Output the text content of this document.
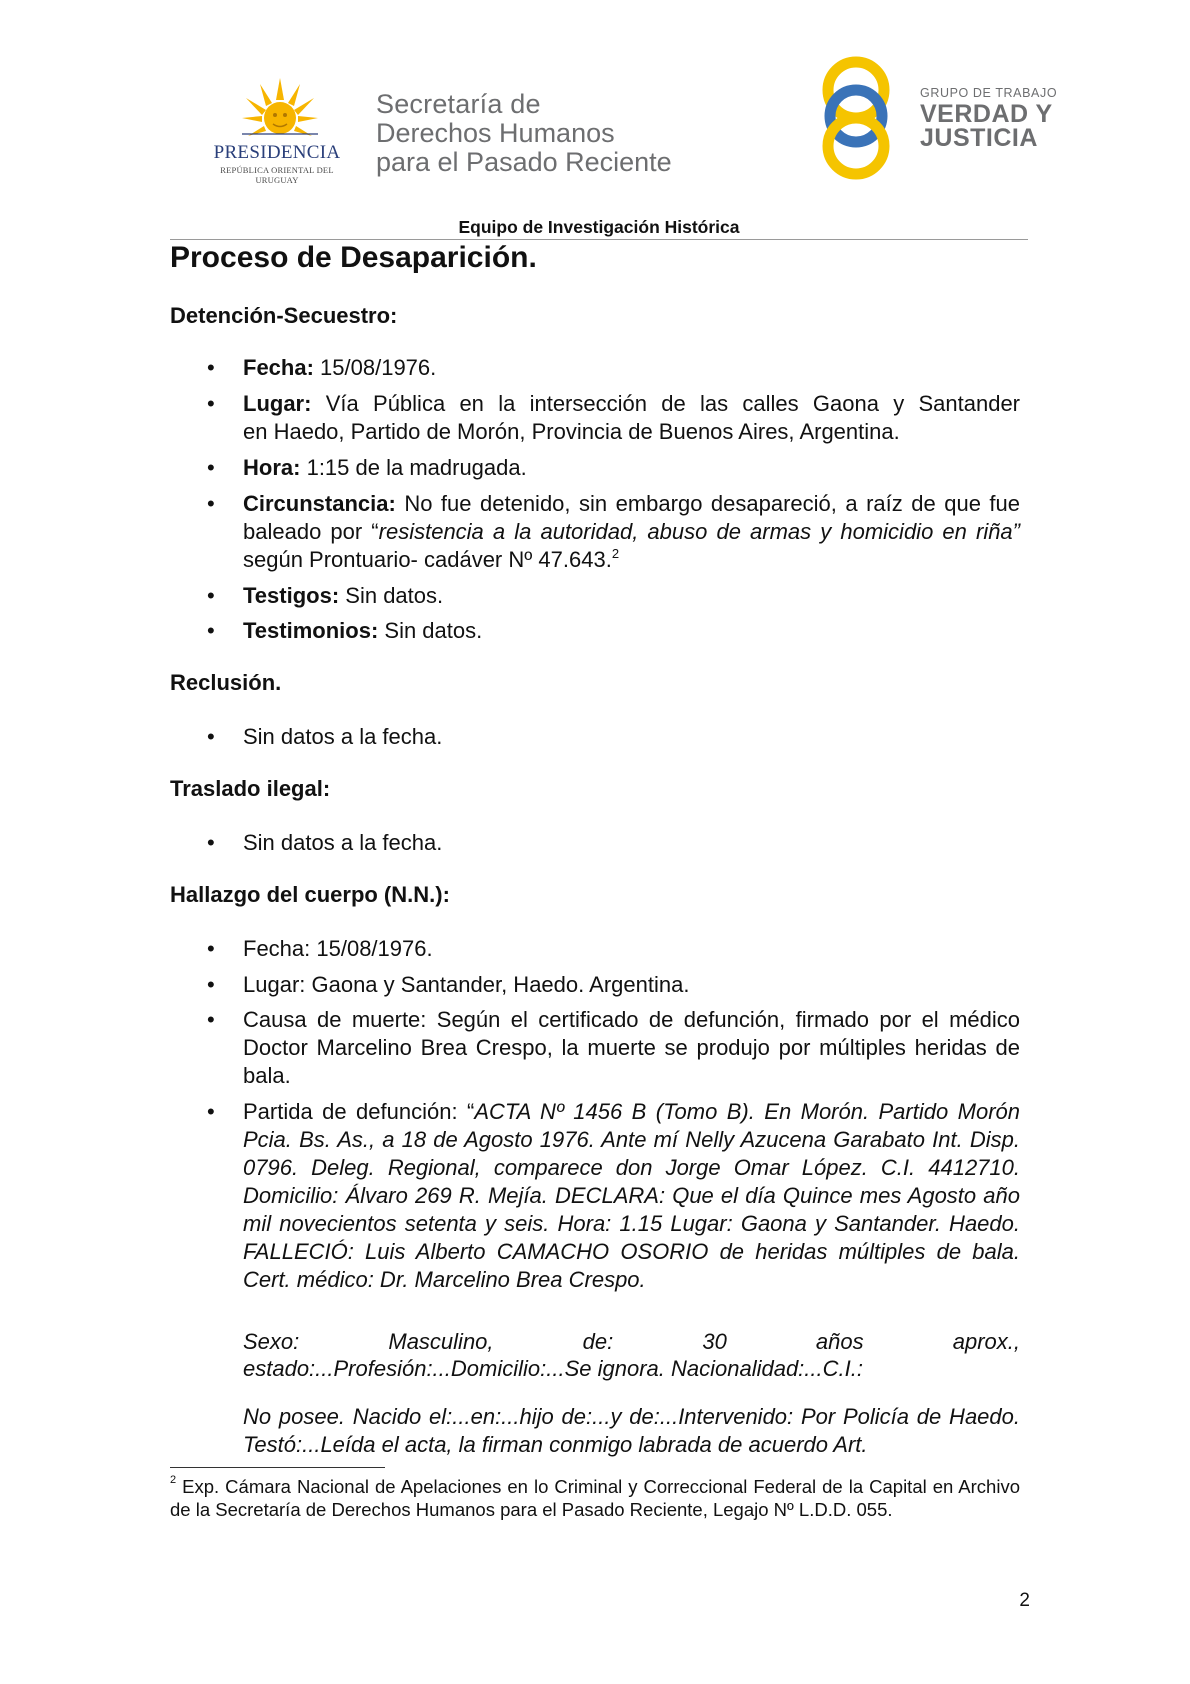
PRESIDENCIA
REPÚBLICA ORIENTAL DEL URUGUAY
Secretaría de
Derechos Humanos
para el Pasado Reciente
GRUPO DE TRABAJO
VERDAD Y
JUSTICIA
Equipo de Investigación Histórica
Proceso de Desaparición.
Detención-Secuestro:
• Fecha: 15/08/1976.
• Lugar: Vía Pública en la intersección de las calles Gaona y Santander
en Haedo, Partido de Morón, Provincia de Buenos Aires, Argentina.
• Hora: 1:15 de la madrugada.
• Circunstancia: No fue detenido, sin embargo desapareció, a raíz de que fue baleado por “resistencia a la autoridad, abuso de armas y homicidio en riña” según Prontuario- cadáver Nº 47.643.$^2$
• Testigos: Sin datos.
• Testimonios: Sin datos.
Reclusión.
• Sin datos a la fecha.
Traslado ilegal:
• Sin datos a la fecha.
Hallazgo del cuerpo (N.N.):
• Fecha: 15/08/1976.
• Lugar: Gaona y Santander, Haedo. Argentina.
• Causa de muerte: Según el certificado de defunción, firmado por el médico Doctor Marcelino Brea Crespo, la muerte se produjo por múltiples heridas de bala.
• Partida de defunción: “ACTA Nº 1456 B (Tomo B). En Morón. Partido Morón Pcia. Bs. As., a 18 de Agosto 1976. Ante mí Nelly Azucena Garabato Int. Disp. 0796. Deleg. Regional, comparece don Jorge Omar López. C.I. 4412710. Domicilio: Álvaro 269 R. Mejía. DECLARA: Que el día Quince mes Agosto año mil novecientos setenta y seis. Hora: 1.15 Lugar: Gaona y Santander. Haedo. FALLECIÓ: Luis Alberto CAMACHO OSORIO de heridas múltiples de bala. Cert. médico: Dr. Marcelino Brea Crespo.
Sexo: Masculino, de: 30 años aprox.,
estado:...Profesión:...Domicilio:...Se ignora. Nacionalidad:...C.I.:
No posee. Nacido el:...en:...hijo de:...y de:...Intervenido: Por Policía de Haedo. Testó:...Leída el acta, la firman conmigo labrada de acuerdo Art.
$^2$ Exp. Cámara Nacional de Apelaciones en lo Criminal y Correccional Federal de la Capital en Archivo de la Secretaría de Derechos Humanos para el Pasado Reciente, Legajo Nº L.D.D. 055.
2
